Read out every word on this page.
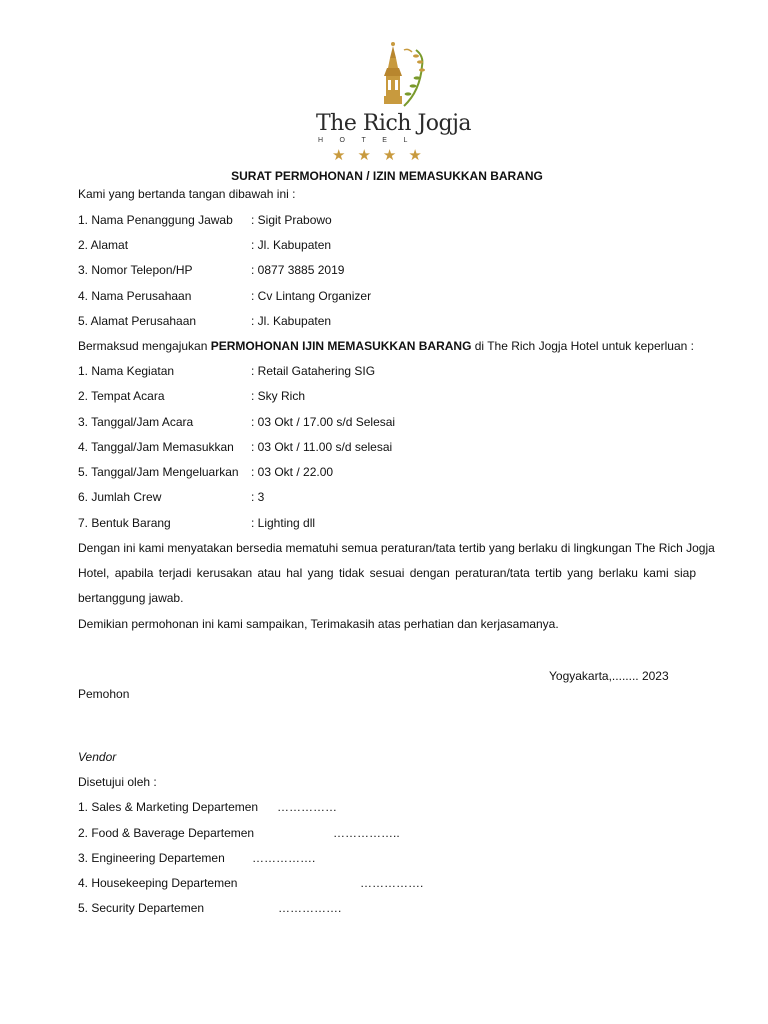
The Rich Jogja
HOTEL
★★★★
SURAT PERMOHONAN / IZIN MEMASUKKAN BARANG
Kami yang bertanda tangan dibawah ini :
1. Nama Penanggung Jawab : Sigit Prabowo
2. Alamat	: Jl. Kabupaten
3. Nomor Telepon/HP	: 0877 3885 2019
4. Nama Perusahaan	: Cv Lintang Organizer
5. Alamat Perusahaan	: Jl. Kabupaten
Bermaksud mengajukan PERMOHONAN IJIN MEMASUKKAN BARANG di The Rich Jogja Hotel untuk keperluan :
1. Nama Kegiatan	: Retail Gatahering SIG
2. Tempat Acara	: Sky Rich
3. Tanggal/Jam Acara	: 03 Okt / 17.00 s/d Selesai
4. Tanggal/Jam Memasukkan : 03 Okt / 11.00 s/d selesai
5. Tanggal/Jam Mengeluarkan : 03 Okt / 22.00
6. Jumlah Crew	: 3
7. Bentuk Barang	: Lighting dll
Dengan ini kami menyatakan bersedia mematuhi semua peraturan/tata tertib yang berlaku di lingkungan The Rich Jogja
Hotel, apabila terjadi kerusakan atau hal yang tidak sesuai dengan peraturan/tata tertib yang berlaku kami siap
bertanggung jawab.
Demikian permohonan ini kami sampaikan, Terimakasih atas perhatian dan kerjasamanya.
Yogyakarta,........ 2023
Pemohon
Vendor
Disetujui oleh :
1. Sales & Marketing Departemen ……………
2. Food & Baverage Departemen	……………..
3. Engineering Departemen …………….
4. Housekeeping Departemen	…………….
5. Security Departemen	…………….
